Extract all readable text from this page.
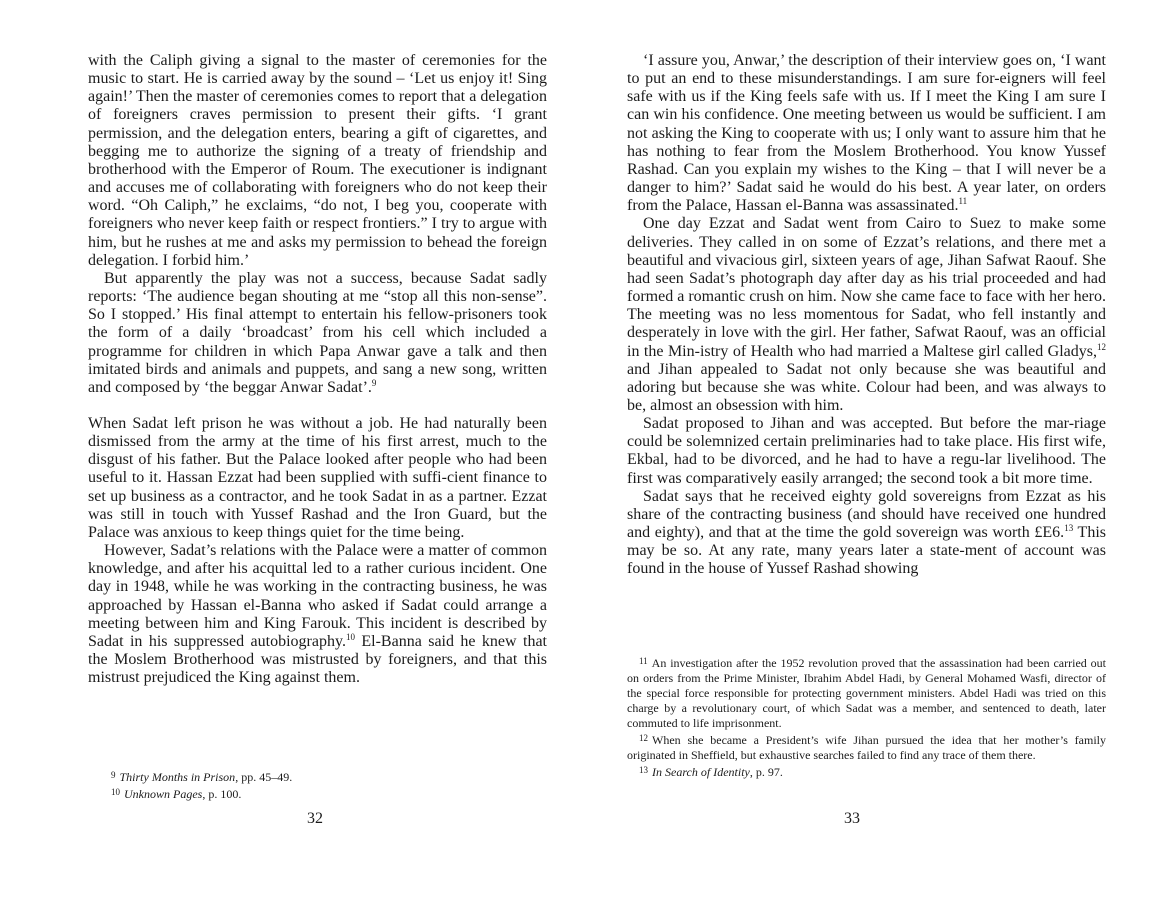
with the Caliph giving a signal to the master of ceremonies for the music to start. He is carried away by the sound – ‘Let us enjoy it! Sing again!’ Then the master of ceremonies comes to report that a delegation of foreigners craves permission to present their gifts. ‘I grant permission, and the delegation enters, bearing a gift of cigarettes, and begging me to authorize the signing of a treaty of friendship and brotherhood with the Emperor of Roum. The executioner is indignant and accuses me of collaborating with foreigners who do not keep their word. “Oh Caliph,” he exclaims, “do not, I beg you, cooperate with foreigners who never keep faith or respect frontiers.” I try to argue with him, but he rushes at me and asks my permission to behead the foreign delegation. I forbid him.’

But apparently the play was not a success, because Sadat sadly reports: ‘The audience began shouting at me “stop all this non-sense”. So I stopped.’ His final attempt to entertain his fellow-prisoners took the form of a daily ‘broadcast’ from his cell which included a programme for children in which Papa Anwar gave a talk and then imitated birds and animals and puppets, and sang a new song, written and composed by ‘the beggar Anwar Sadat’.$^9$

When Sadat left prison he was without a job. He had naturally been dismissed from the army at the time of his first arrest, much to the disgust of his father. But the Palace looked after people who had been useful to it. Hassan Ezzat had been supplied with suffi-cient finance to set up business as a contractor, and he took Sadat in as a partner. Ezzat was still in touch with Yussef Rashad and the Iron Guard, but the Palace was anxious to keep things quiet for the time being.

However, Sadat’s relations with the Palace were a matter of common knowledge, and after his acquittal led to a rather curious incident. One day in 1948, while he was working in the contracting business, he was approached by Hassan el-Banna who asked if Sadat could arrange a meeting between him and King Farouk. This incident is described by Sadat in his suppressed autobiography.$^{10}$ El-Banna said he knew that the Moslem Brotherhood was mistrusted by foreigners, and that this mistrust prejudiced the King against them.

$^9$ Thirty Months in Prison, pp. 45–49.

$^{10}$ Unknown Pages, p. 100.

32

‘I assure you, Anwar,’ the description of their interview goes on, ‘I want to put an end to these misunderstandings. I am sure for-eigners will feel safe with us if the King feels safe with us. If I meet the King I am sure I can win his confidence. One meeting between us would be sufficient. I am not asking the King to cooperate with us; I only want to assure him that he has nothing to fear from the Moslem Brotherhood. You know Yussef Rashad. Can you explain my wishes to the King – that I will never be a danger to him?’ Sadat said he would do his best. A year later, on orders from the Palace, Hassan el-Banna was assassinated.$^{11}$

One day Ezzat and Sadat went from Cairo to Suez to make some deliveries. They called in on some of Ezzat’s relations, and there met a beautiful and vivacious girl, sixteen years of age, Jihan Safwat Raouf. She had seen Sadat’s photograph day after day as his trial proceeded and had formed a romantic crush on him. Now she came face to face with her hero. The meeting was no less momentous for Sadat, who fell instantly and desperately in love with the girl. Her father, Safwat Raouf, was an official in the Min-istry of Health who had married a Maltese girl called Gladys,$^{12}$ and Jihan appealed to Sadat not only because she was beautiful and adoring but because she was white. Colour had been, and was always to be, almost an obsession with him.

Sadat proposed to Jihan and was accepted. But before the mar-riage could be solemnized certain preliminaries had to take place. His first wife, Ekbal, had to be divorced, and he had to have a regu-lar livelihood. The first was comparatively easily arranged; the second took a bit more time.

Sadat says that he received eighty gold sovereigns from Ezzat as his share of the contracting business (and should have received one hundred and eighty), and that at the time the gold sovereign was worth £E6.13 This may be so. At any rate, many years later a state-ment of account was found in the house of Yussef Rashad showing

$^{11}$ An investigation after the 1952 revolution proved that the assassination had been carried out on orders from the Prime Minister, Ibrahim Abdel Hadi, by General Mohamed Wasfi, director of the special force responsible for protecting government ministers. Abdel Hadi was tried on this charge by a revolutionary court, of which Sadat was a member, and sentenced to death, later commuted to life imprisonment.

$^{12}$ When she became a President’s wife Jihan pursued the idea that her mother’s family originated in Sheffield, but exhaustive searches failed to find any trace of them there.

$^{13}$ In Search of Identity, p. 97.

33
